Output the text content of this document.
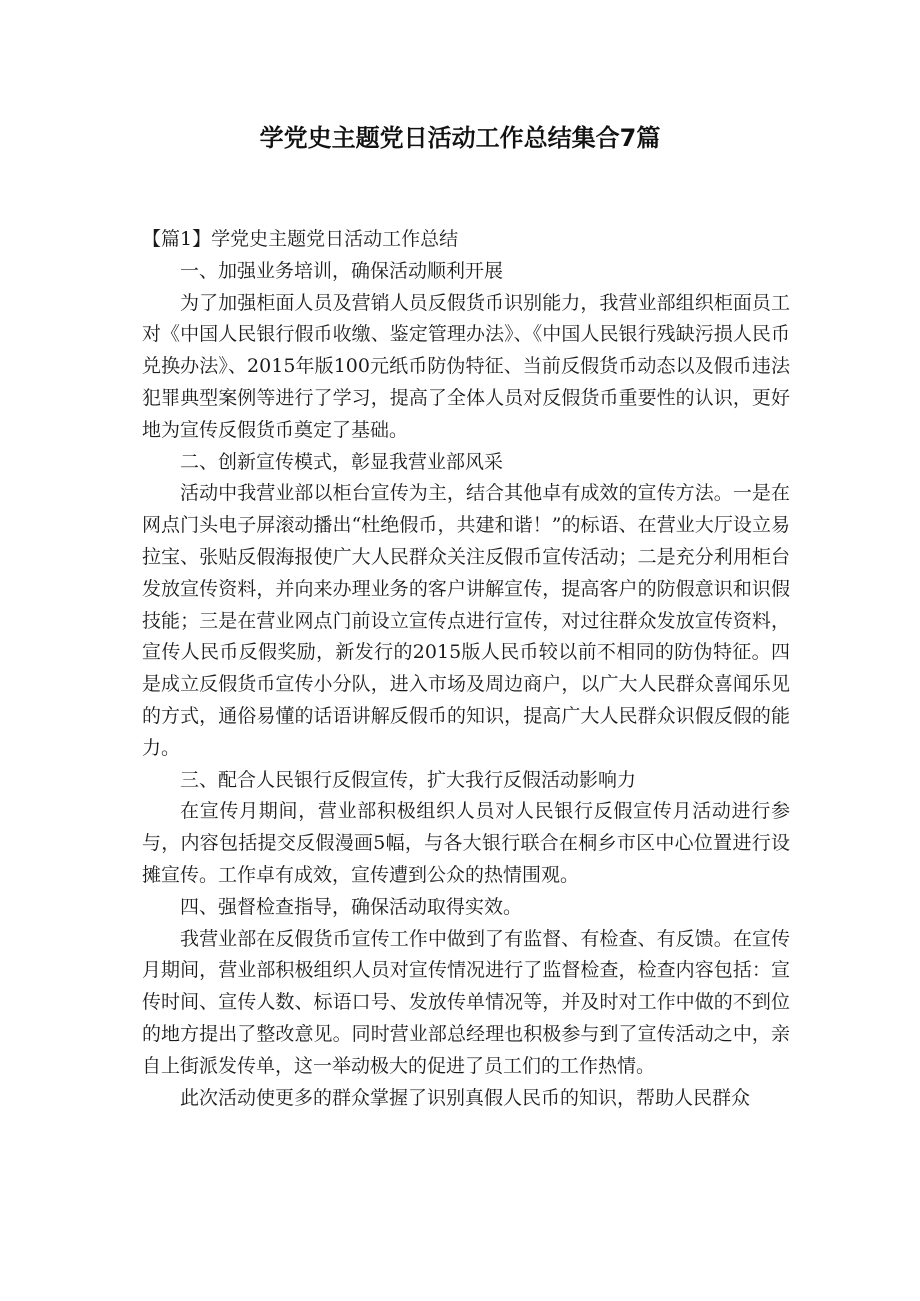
学党史主题党日活动工作总结集合7篇

【篇1】学党史主题党日活动工作总结

一、加强业务培训，确保活动顺利开展

为了加强柜面人员及营销人员反假货币识别能力，我营业部组织柜面员工对《中国人民银行假币收缴、鉴定管理办法》、《中国人民银行残缺污损人民币兑换办法》、2015年版100元纸币防伪特征、当前反假货币动态以及假币违法犯罪典型案例等进行了学习，提高了全体人员对反假货币重要性的认识，更好地为宣传反假货币奠定了基础。

二、创新宣传模式，彰显我营业部风采

活动中我营业部以柜台宣传为主，结合其他卓有成效的宣传方法。一是在网点门头电子屏滚动播出“杜绝假币，共建和谐！”的标语、在营业大厅设立易拉宝、张贴反假海报使广大人民群众关注反假币宣传活动；二是充分利用柜台发放宣传资料，并向来办理业务的客户讲解宣传，提高客户的防假意识和识假技能；三是在营业网点门前设立宣传点进行宣传，对过往群众发放宣传资料，宣传人民币反假奖励，新发行的2015版人民币较以前不相同的防伪特征。四是成立反假货币宣传小分队，进入市场及周边商户，以广大人民群众喜闻乐见的方式，通俗易懂的话语讲解反假币的知识，提高广大人民群众识假反假的能力。

三、配合人民银行反假宣传，扩大我行反假活动影响力

在宣传月期间，营业部积极组织人员对人民银行反假宣传月活动进行参与，内容包括提交反假漫画5幅，与各大银行联合在桐乡市区中心位置进行设摊宣传。工作卓有成效，宣传遭到公众的热情围观。

四、强督检查指导，确保活动取得实效。

我营业部在反假货币宣传工作中做到了有监督、有检查、有反馈。在宣传月期间，营业部积极组织人员对宣传情况进行了监督检查，检查内容包括：宣传时间、宣传人数、标语口号、发放传单情况等，并及时对工作中做的不到位的地方提出了整改意见。同时营业部总经理也积极参与到了宣传活动之中，亲自上街派发传单，这一举动极大的促进了员工们的工作热情。

此次活动使更多的群众掌握了识别真假人民币的知识，帮助人民群众
